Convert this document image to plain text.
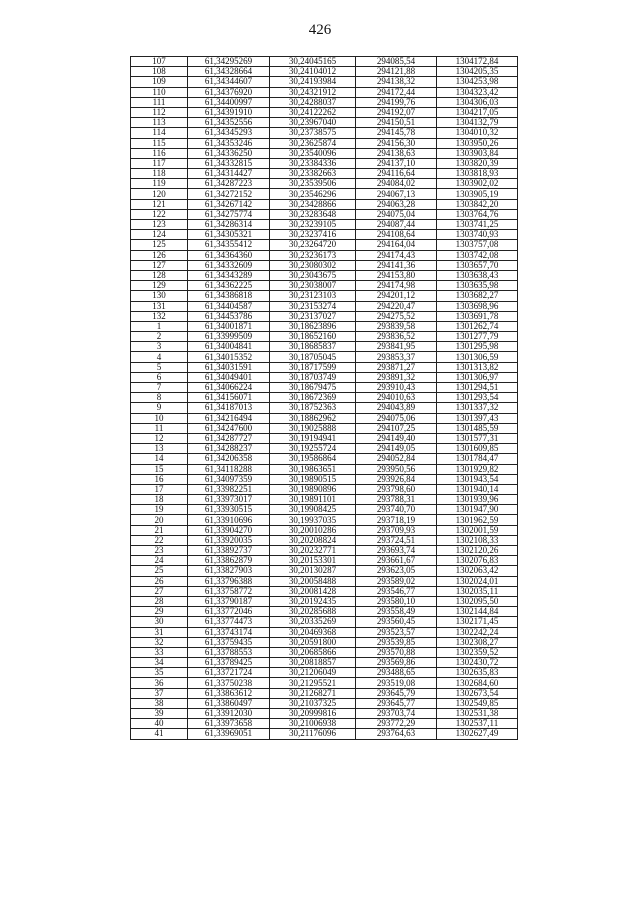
426
107	61,34295269	30,24045165	294085,54	1304172,84
108	61,34328664	30,24104012	294121,88	1304205,35
109	61,34344607	30,24193984	294138,32	1304253,98
110	61,34376920	30,24321912	294172,44	1304323,42
111	61,34400997	30,24288037	294199,76	1304306,03
112	61,34391910	30,24122262	294192,07	1304217,05
113	61,34352556	30,23967040	294150,51	1304132,79
114	61,34345293	30,23738575	294145,78	1304010,32
115	61,34353246	30,23625874	294156,30	1303950,26
116	61,34336250	30,23540096	294138,63	1303903,84
117	61,34332815	30,23384336	294137,10	1303820,39
118	61,34314427	30,23382663	294116,64	1303818,93
119	61,34287223	30,23539506	294084,02	1303902,02
120	61,34272152	30,23546296	294067,13	1303905,19
121	61,34267142	30,23428866	294063,28	1303842,20
122	61,34275774	30,23283648	294075,04	1303764,76
123	61,34286314	30,23239105	294087,44	1303741,25
124	61,34305321	30,23237416	294108,64	1303740,93
125	61,34355412	30,23264720	294164,04	1303757,08
126	61,34364360	30,23236173	294174,43	1303742,08
127	61,34332609	30,23080302	294141,36	1303657,70
128	61,34343289	30,23043675	294153,80	1303638,43
129	61,34362225	30,23038007	294174,98	1303635,98
130	61,34386818	30,23123103	294201,12	1303682,27
131	61,34404587	30,23153274	294220,47	1303698,96
132	61,34453786	30,23137027	294275,52	1303691,78
1	61,34001871	30,18623896	293839,58	1301262,74
2	61,33999509	30,18652160	293836,52	1301277,79
3	61,34004841	30,18685837	293841,95	1301295,98
4	61,34015352	30,18705045	293853,37	1301306,59
5	61,34031591	30,18717599	293871,27	1301313,82
6	61,34049401	30,18703749	293891,32	1301306,97
7	61,34066224	30,18679475	293910,43	1301294,51
8	61,34156071	30,18672369	294010,63	1301293,54
9	61,34187013	30,18752363	294043,89	1301337,32
10	61,34216494	30,18862962	294075,06	1301397,43
11	61,34247600	30,19025888	294107,25	1301485,59
12	61,34287727	30,19194941	294149,40	1301577,31
13	61,34288237	30,19255724	294149,05	1301609,85
14	61,34206358	30,19586864	294052,84	1301784,47
15	61,34118288	30,19863651	293950,56	1301929,82
16	61,34097359	30,19890515	293926,84	1301943,54
17	61,33982251	30,19890896	293798,60	1301940,14
18	61,33973017	30,19891101	293788,31	1301939,96
19	61,33930515	30,19908425	293740,70	1301947,90
20	61,33910696	30,19937035	293718,19	1301962,59
21	61,33904270	30,20010286	293709,93	1302001,59
22	61,33920035	30,20208824	293724,51	1302108,33
23	61,33892737	30,20232771	293693,74	1302120,26
24	61,33862879	30,20153301	293661,67	1302076,83
25	61,33827903	30,20130287	293623,05	1302063,42
26	61,33796388	30,20058488	293589,02	1302024,01
27	61,33758772	30,20081428	293546,77	1302035,11
28	61,33790187	30,20192435	293580,10	1302095,50
29	61,33772046	30,20285688	293558,49	1302144,84
30	61,33774473	30,20335269	293560,45	1302171,45
31	61,33743174	30,20469368	293523,57	1302242,24
32	61,33759435	30,20591800	293539,85	1302308,27
33	61,33788553	30,20685866	293570,88	1302359,52
34	61,33789425	30,20818857	293569,86	1302430,72
35	61,33721724	30,21206049	293488,65	1302635,83
36	61,33750238	30,21295521	293519,08	1302684,60
37	61,33863612	30,21268271	293645,79	1302673,54
38	61,33860497	30,21037325	293645,77	1302549,85
39	61,33912030	30,20999816	293703,74	1302531,38
40	61,33973658	30,21006938	293772,29	1302537,11
41	61,33969051	30,21176096	293764,63	1302627,49
